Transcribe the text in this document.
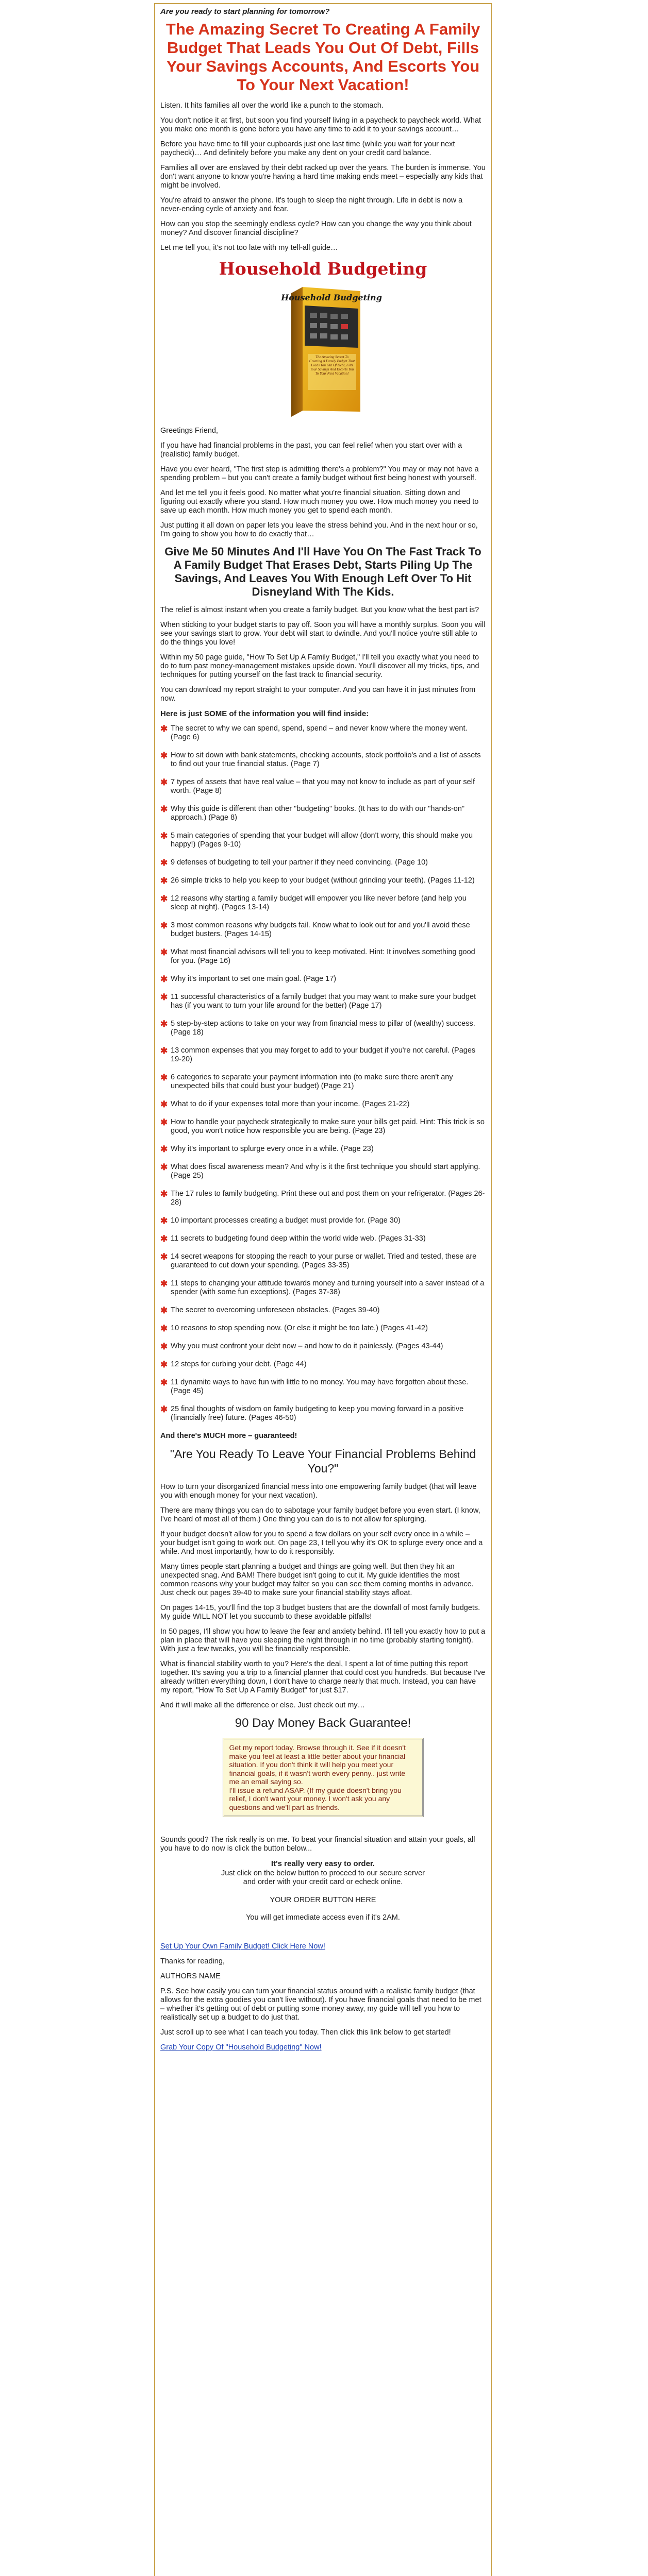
Are you ready to start planning for tomorrow?
The Amazing Secret To Creating A Family Budget That Leads You Out Of Debt, Fills Your Savings Accounts, And Escorts You To Your Next Vacation!

Listen. It hits families all over the world like a punch to the stomach.

You don't notice it at first, but soon you find yourself living in a paycheck to paycheck world. What you make one month is gone before you have any time to add it to your savings account…

Before you have time to fill your cupboards just one last time (while you wait for your next paycheck)… And definitely before you make any dent on your credit card balance.

Families all over are enslaved by their debt racked up over the years. The burden is immense. You don't want anyone to know you're having a hard time making ends meet – especially any kids that might be involved.

You're afraid to answer the phone. It's tough to sleep the night through. Life in debt is now a never-ending cycle of anxiety and fear.

How can you stop the seemingly endless cycle? How can you change the way you think about money? And discover financial discipline?

Let me tell you, it's not too late with my tell-all guide…

Household Budgeting
Household Budgeting
The Amazing Secret To Creating A Family Budget That Leads You Out Of Debt, Fills Your Savings And Escorts You To Your Next Vacation!

Greetings Friend,

If you have had financial problems in the past, you can feel relief when you start over with a (realistic) family budget.

Have you ever heard, "The first step is admitting there's a problem?" You may or may not have a spending problem – but you can't create a family budget without first being honest with yourself.

And let me tell you it feels good. No matter what you're financial situation. Sitting down and figuring out exactly where you stand. How much money you owe. How much money you need to save up each month. How much money you get to spend each month.

Just putting it all down on paper lets you leave the stress behind you. And in the next hour or so, I'm going to show you how to do exactly that…

Give Me 50 Minutes And I'll Have You On The Fast Track To A Family Budget That Erases Debt, Starts Piling Up The Savings, And Leaves You With Enough Left Over To Hit Disneyland With The Kids.

The relief is almost instant when you create a family budget. But you know what the best part is?

When sticking to your budget starts to pay off. Soon you will have a monthly surplus. Soon you will see your savings start to grow. Your debt will start to dwindle. And you'll notice you're still able to do the things you love!

Within my 50 page guide, "How To Set Up A Family Budget," I'll tell you exactly what you need to do to turn past money-management mistakes upside down. You'll discover all my tricks, tips, and techniques for putting yourself on the fast track to financial security.

You can download my report straight to your computer. And you can have it in just minutes from now.

Here is just SOME of the information you will find inside:

✱ The secret to why we can spend, spend, spend – and never know where the money went. (Page 6)
✱ How to sit down with bank statements, checking accounts, stock portfolio's and a list of assets to find out your true financial status. (Page 7)
✱ 7 types of assets that have real value – that you may not know to include as part of your self worth. (Page 8)
✱ Why this guide is different than other "budgeting" books. (It has to do with our "hands-on" approach.) (Page 8)
✱ 5 main categories of spending that your budget will allow (don't worry, this should make you happy!) (Pages 9-10)
✱ 9 defenses of budgeting to tell your partner if they need convincing. (Page 10)
✱ 26 simple tricks to help you keep to your budget (without grinding your teeth). (Pages 11-12)
✱ 12 reasons why starting a family budget will empower you like never before (and help you sleep at night). (Pages 13-14)
✱ 3 most common reasons why budgets fail. Know what to look out for and you'll avoid these budget busters. (Pages 14-15)
✱ What most financial advisors will tell you to keep motivated. Hint: It involves something good for you. (Page 16)
✱ Why it's important to set one main goal. (Page 17)
✱ 11 successful characteristics of a family budget that you may want to make sure your budget has (if you want to turn your life around for the better) (Page 17)
✱ 5 step-by-step actions to take on your way from financial mess to pillar of (wealthy) success. (Page 18)
✱ 13 common expenses that you may forget to add to your budget if you're not careful. (Pages 19-20)
✱ 6 categories to separate your payment information into (to make sure there aren't any unexpected bills that could bust your budget) (Page 21)
✱ What to do if your expenses total more than your income. (Pages 21-22)
✱ How to handle your paycheck strategically to make sure your bills get paid. Hint: This trick is so good, you won't notice how responsible you are being. (Page 23)
✱ Why it's important to splurge every once in a while. (Page 23)
✱ What does fiscal awareness mean? And why is it the first technique you should start applying. (Page 25)
✱ The 17 rules to family budgeting. Print these out and post them on your refrigerator. (Pages 26-28)
✱ 10 important processes creating a budget must provide for. (Page 30)
✱ 11 secrets to budgeting found deep within the world wide web. (Pages 31-33)
✱ 14 secret weapons for stopping the reach to your purse or wallet. Tried and tested, these are guaranteed to cut down your spending. (Pages 33-35)
✱ 11 steps to changing your attitude towards money and turning yourself into a saver instead of a spender (with some fun exceptions). (Pages 37-38)
✱ The secret to overcoming unforeseen obstacles. (Pages 39-40)
✱ 10 reasons to stop spending now. (Or else it might be too late.) (Pages 41-42)
✱ Why you must confront your debt now – and how to do it painlessly. (Pages 43-44)
✱ 12 steps for curbing your debt. (Page 44)
✱ 11 dynamite ways to have fun with little to no money. You may have forgotten about these. (Page 45)
✱ 25 final thoughts of wisdom on family budgeting to keep you moving forward in a positive (financially free) future. (Pages 46-50)

And there's MUCH more – guaranteed!

"Are You Ready To Leave Your Financial Problems Behind You?"

How to turn your disorganized financial mess into one empowering family budget (that will leave you with enough money for your next vacation).

There are many things you can do to sabotage your family budget before you even start. (I know, I've heard of most all of them.) One thing you can do is to not allow for splurging.

If your budget doesn't allow for you to spend a few dollars on your self every once in a while – your budget isn't going to work out. On page 23, I tell you why it's OK to splurge every once and a while. And most importantly, how to do it responsibly.

Many times people start planning a budget and things are going well. But then they hit an unexpected snag. And BAM! There budget isn't going to cut it. My guide identifies the most common reasons why your budget may falter so you can see them coming months in advance. Just check out pages 39-40 to make sure your financial stability stays afloat.

On pages 14-15, you'll find the top 3 budget busters that are the downfall of most family budgets. My guide WILL NOT let you succumb to these avoidable pitfalls!

In 50 pages, I'll show you how to leave the fear and anxiety behind. I'll tell you exactly how to put a plan in place that will have you sleeping the night through in no time (probably starting tonight). With just a few tweaks, you will be financially responsible.

What is financial stability worth to you? Here's the deal, I spent a lot of time putting this report together. It's saving you a trip to a financial planner that could cost you hundreds. But because I've already written everything down, I don't have to charge nearly that much. Instead, you can have my report, "How To Set Up A Family Budget" for just $17.

And it will make all the difference or else. Just check out my…

90 Day Money Back Guarantee!
Get my report today. Browse through it. See if it doesn't make you feel at least a little better about your financial situation. If you don't think it will help you meet your financial goals, if it wasn't worth every penny.. just write me an email saying so.
I'll issue a refund ASAP. (If my guide doesn't bring you relief, I don't want your money. I won't ask you any questions and we'll part as friends.

Sounds good? The risk really is on me. To beat your financial situation and attain your goals, all you have to do now is click the button below...

It's really very easy to order.
Just click on the below button to proceed to our secure server
and order with your credit card or echeck online.
YOUR ORDER BUTTON HERE
You will get immediate access even if it's 2AM.

Set Up Your Own Family Budget! Click Here Now!

Thanks for reading,

AUTHORS NAME

P.S. See how easily you can turn your financial status around with a realistic family budget (that allows for the extra goodies you can't live without). If you have financial goals that need to be met – whether it's getting out of debt or putting some money away, my guide will tell you how to realistically set up a budget to do just that.

Just scroll up to see what I can teach you today. Then click this link below to get started!

Grab Your Copy Of "Household Budgeting" Now!
